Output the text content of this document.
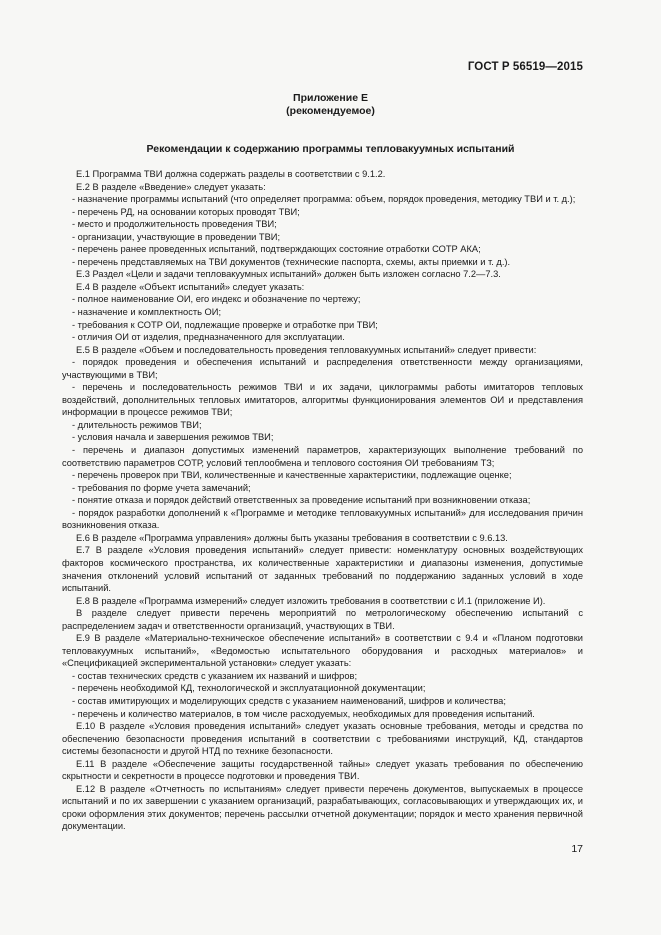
ГОСТ Р 56519—2015
Приложение Е
(рекомендуемое)
Рекомендации к содержанию программы тепловакуумных испытаний

Е.1 Программа ТВИ должна содержать разделы в соответствии с 9.1.2.

Е.2 В разделе «Введение» следует указать:

- назначение программы испытаний (что определяет программа: объем, порядок проведения, методику ТВИ и т. д.);

- перечень РД, на основании которых проводят ТВИ;

- место и продолжительность проведения ТВИ;

- организации, участвующие в проведении ТВИ;

- перечень ранее проведенных испытаний, подтверждающих состояние отработки СОТР АКА;

- перечень представляемых на ТВИ документов (технические паспорта, схемы, акты приемки и т. д.).

Е.3 Раздел «Цели и задачи тепловакуумных испытаний» должен быть изложен согласно 7.2—7.3.

Е.4 В разделе «Объект испытаний» следует указать:

- полное наименование ОИ, его индекс и обозначение по чертежу;

- назначение и комплектность ОИ;

- требования к СОТР ОИ, подлежащие проверке и отработке при ТВИ;

- отличия ОИ от изделия, предназначенного для эксплуатации.

Е.5 В разделе «Объем и последовательность проведения тепловакуумных испытаний» следует привести:

- порядок проведения и обеспечения испытаний и распределения ответственности между организациями, участвующими в ТВИ;

- перечень и последовательность режимов ТВИ и их задачи, циклограммы работы имитаторов тепловых воздействий, дополнительных тепловых имитаторов, алгоритмы функционирования элементов ОИ и представления информации в процессе режимов ТВИ;

- длительность режимов ТВИ;

- условия начала и завершения режимов ТВИ;

- перечень и диапазон допустимых изменений параметров, характеризующих выполнение требований по соответствию параметров СОТР, условий теплообмена и теплового состояния ОИ требованиям ТЗ;

- перечень проверок при ТВИ, количественные и качественные характеристики, подлежащие оценке;

- требования по форме учета замечаний;

- понятие отказа и порядок действий ответственных за проведение испытаний при возникновении отказа;

- порядок разработки дополнений к «Программе и методике тепловакуумных испытаний» для исследования причин возникновения отказа.

Е.6 В разделе «Программа управления» должны быть указаны требования в соответствии с 9.6.13.

Е.7 В разделе «Условия проведения испытаний» следует привести: номенклатуру основных воздействующих факторов космического пространства, их количественные характеристики и диапазоны изменения, допустимые значения отклонений условий испытаний от заданных требований по поддержанию заданных условий в ходе испытаний.

Е.8 В разделе «Программа измерений» следует изложить требования в соответствии с И.1 (приложение И).

В разделе следует привести перечень мероприятий по метрологическому обеспечению испытаний с распределением задач и ответственности организаций, участвующих в ТВИ.

Е.9 В разделе «Материально-техническое обеспечение испытаний» в соответствии с 9.4 и «Планом подготовки тепловакуумных испытаний», «Ведомостью испытательного оборудования и расходных материалов» и «Спецификацией экспериментальной установки» следует указать:

- состав технических средств с указанием их названий и шифров;

- перечень необходимой КД, технологической и эксплуатационной документации;

- состав имитирующих и моделирующих средств с указанием наименований, шифров и количества;

- перечень и количество материалов, в том числе расходуемых, необходимых для проведения испытаний.

Е.10 В разделе «Условия проведения испытаний» следует указать основные требования, методы и средства по обеспечению безопасности проведения испытаний в соответствии с требованиями инструкций, КД, стандартов системы безопасности и другой НТД по технике безопасности.

Е.11 В разделе «Обеспечение защиты государственной тайны» следует указать требования по обеспечению скрытности и секретности в процессе подготовки и проведения ТВИ.

Е.12 В разделе «Отчетность по испытаниям» следует привести перечень документов, выпускаемых в процессе испытаний и по их завершении с указанием организаций, разрабатывающих, согласовывающих и утверждающих их, и сроки оформления этих документов; перечень рассылки отчетной документации; порядок и место хранения первичной документации.

17
